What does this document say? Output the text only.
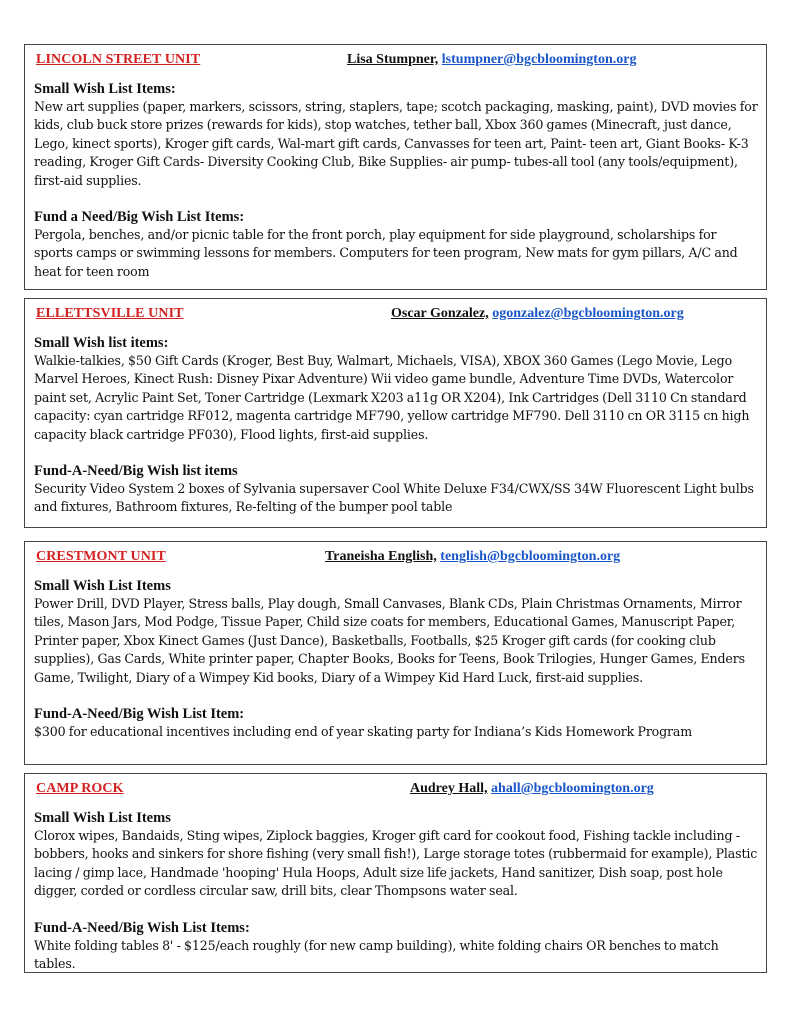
LINCOLN STREET UNIT	Lisa Stumpner, lstumpner@bgcbloomington.org

Small Wish List Items:

New art supplies (paper, markers, scissors, string, staplers, tape; scotch packaging, masking, paint), DVD movies for kids, club buck store prizes (rewards for kids), stop watches, tether ball, Xbox 360 games (Minecraft, just dance, Lego, kinect sports), Kroger gift cards, Wal-mart gift cards, Canvasses for teen art, Paint- teen art, Giant Books- K-3 reading, Kroger Gift Cards- Diversity Cooking Club, Bike Supplies- air pump- tubes-all tool (any tools/equipment), first-aid supplies.

Fund a Need/Big Wish List Items:

Pergola, benches, and/or picnic table for the front porch, play equipment for side playground, scholarships for sports camps or swimming lessons for members. Computers for teen program, New mats for gym pillars, A/C and heat for teen room

ELLETTSVILLE UNIT	Oscar Gonzalez, ogonzalez@bgcbloomington.org

Small Wish list items:

Walkie-talkies, $50 Gift Cards (Kroger, Best Buy, Walmart, Michaels, VISA), XBOX 360 Games (Lego Movie, Lego Marvel Heroes, Kinect Rush: Disney Pixar Adventure) Wii video game bundle, Adventure Time DVDs, Watercolor paint set, Acrylic Paint Set, Toner Cartridge (Lexmark X203 a11g OR X204), Ink Cartridges (Dell 3110 Cn standard capacity: cyan cartridge RF012, magenta cartridge MF790, yellow cartridge MF790. Dell 3110 cn OR 3115 cn high capacity black cartridge PF030), Flood lights, first-aid supplies.

Fund-A-Need/Big Wish list items

Security Video System 2 boxes of Sylvania supersaver Cool White Deluxe F34/CWX/SS 34W Fluorescent Light bulbs and fixtures, Bathroom fixtures, Re-felting of the bumper pool table

CRESTMONT UNIT	Traneisha English, tenglish@bgcbloomington.org

Small Wish List Items

Power Drill, DVD Player, Stress balls, Play dough, Small Canvases, Blank CDs, Plain Christmas Ornaments, Mirror tiles, Mason Jars, Mod Podge, Tissue Paper, Child size coats for members, Educational Games, Manuscript Paper, Printer paper, Xbox Kinect Games (Just Dance), Basketballs, Footballs, $25 Kroger gift cards (for cooking club supplies), Gas Cards, White printer paper, Chapter Books, Books for Teens, Book Trilogies, Hunger Games, Enders Game, Twilight, Diary of a Wimpey Kid books, Diary of a Wimpey Kid Hard Luck, first-aid supplies.

Fund-A-Need/Big Wish List Item:

$300 for educational incentives including end of year skating party for Indiana’s Kids Homework Program

CAMP ROCK	Audrey Hall, ahall@bgcbloomington.org

Small Wish List Items

Clorox wipes, Bandaids, Sting wipes, Ziplock baggies, Kroger gift card for cookout food, Fishing tackle including - bobbers, hooks and sinkers for shore fishing (very small fish!), Large storage totes (rubbermaid for example), Plastic lacing / gimp lace, Handmade 'hooping' Hula Hoops, Adult size life jackets, Hand sanitizer, Dish soap, post hole digger, corded or cordless circular saw, drill bits, clear Thompsons water seal.

Fund-A-Need/Big Wish List Items:

White folding tables 8' - $125/each roughly (for new camp building), white folding chairs OR benches to match tables.
